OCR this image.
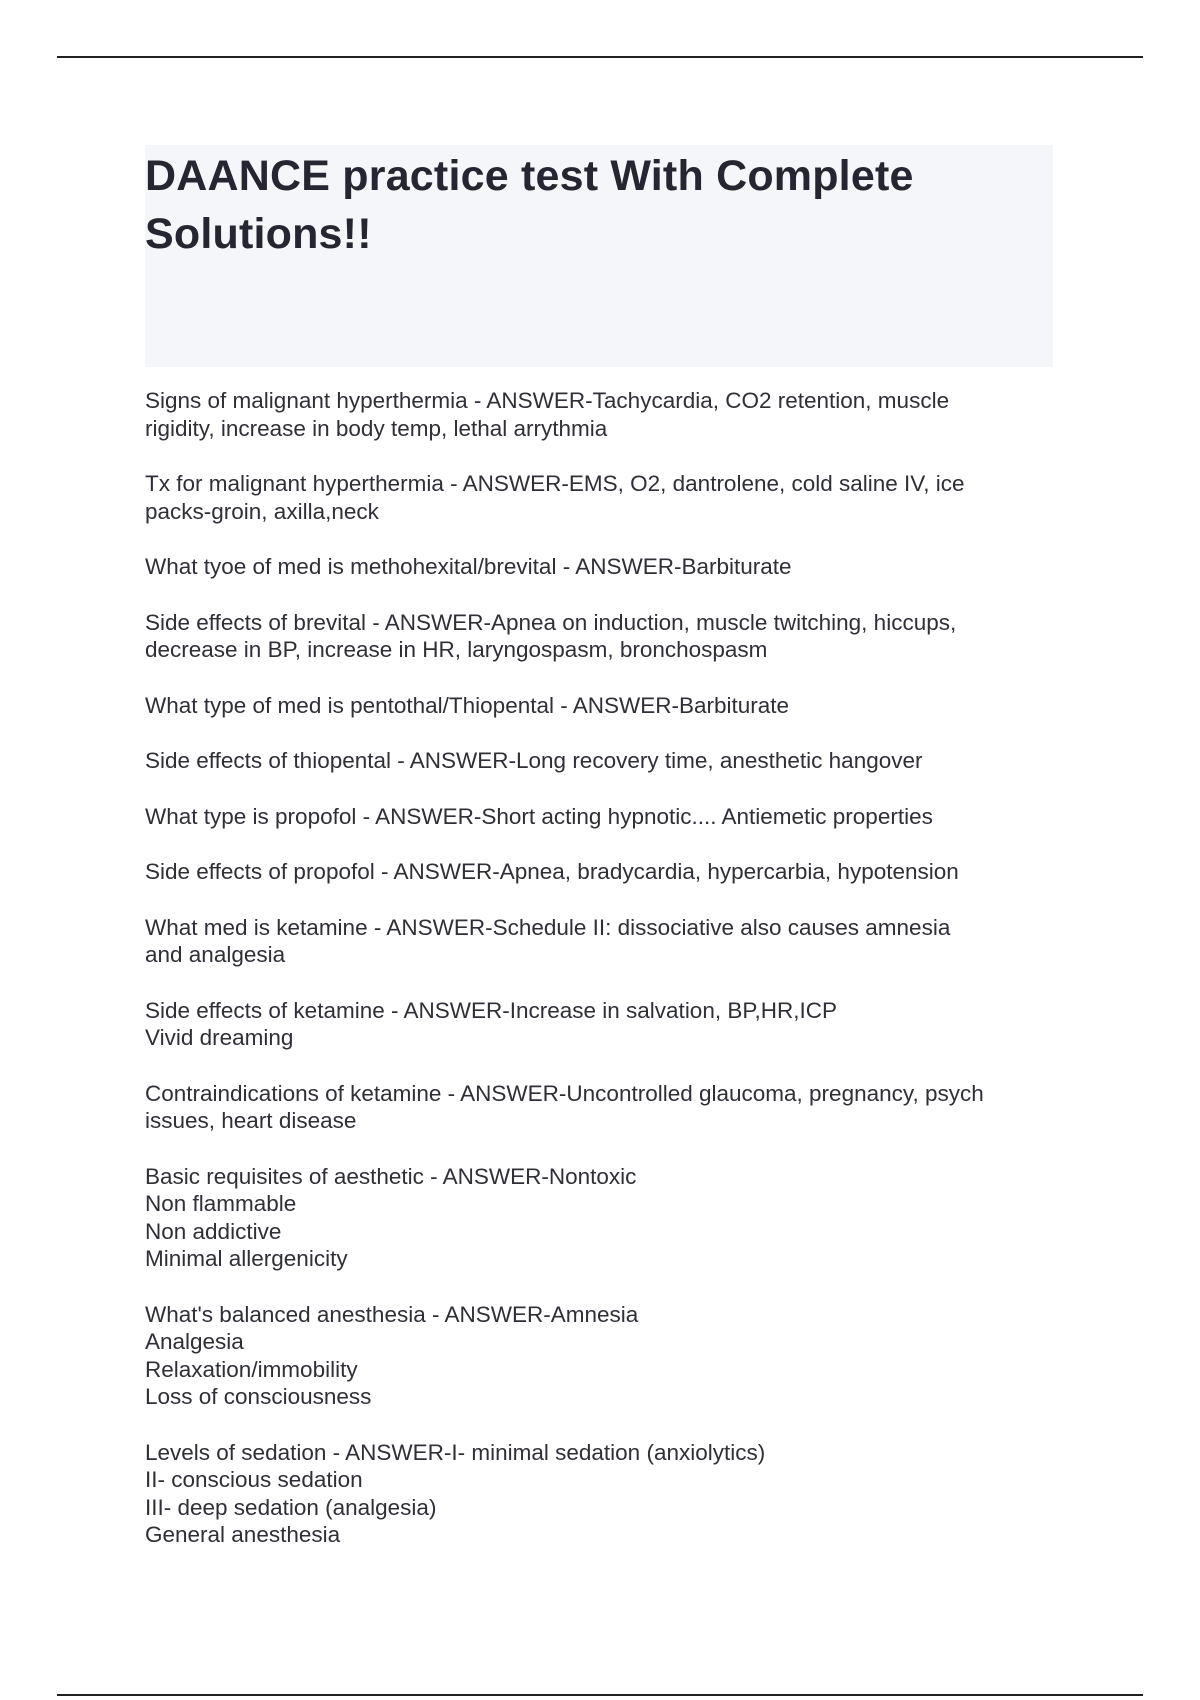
DAANCE practice test With Complete Solutions!!

Signs of malignant hyperthermia - ANSWER-Tachycardia, CO2 retention, muscle
rigidity, increase in body temp, lethal arrythmia

Tx for malignant hyperthermia - ANSWER-EMS, O2, dantrolene, cold saline IV, ice
packs-groin, axilla,neck

What tyoe of med is methohexital/brevital - ANSWER-Barbiturate

Side effects of brevital - ANSWER-Apnea on induction, muscle twitching, hiccups,
decrease in BP, increase in HR, laryngospasm, bronchospasm

What type of med is pentothal/Thiopental - ANSWER-Barbiturate

Side effects of thiopental - ANSWER-Long recovery time, anesthetic hangover

What type is propofol - ANSWER-Short acting hypnotic.... Antiemetic properties

Side effects of propofol - ANSWER-Apnea, bradycardia, hypercarbia, hypotension

What med is ketamine - ANSWER-Schedule II: dissociative also causes amnesia
and analgesia

Side effects of ketamine - ANSWER-Increase in salvation, BP,HR,ICP
Vivid dreaming

Contraindications of ketamine - ANSWER-Uncontrolled glaucoma, pregnancy, psych
issues, heart disease

Basic requisites of aesthetic - ANSWER-Nontoxic
Non flammable
Non addictive
Minimal allergenicity

What's balanced anesthesia - ANSWER-Amnesia
Analgesia
Relaxation/immobility
Loss of consciousness

Levels of sedation - ANSWER-I- minimal sedation (anxiolytics)
II- conscious sedation
III- deep sedation (analgesia)
General anesthesia
